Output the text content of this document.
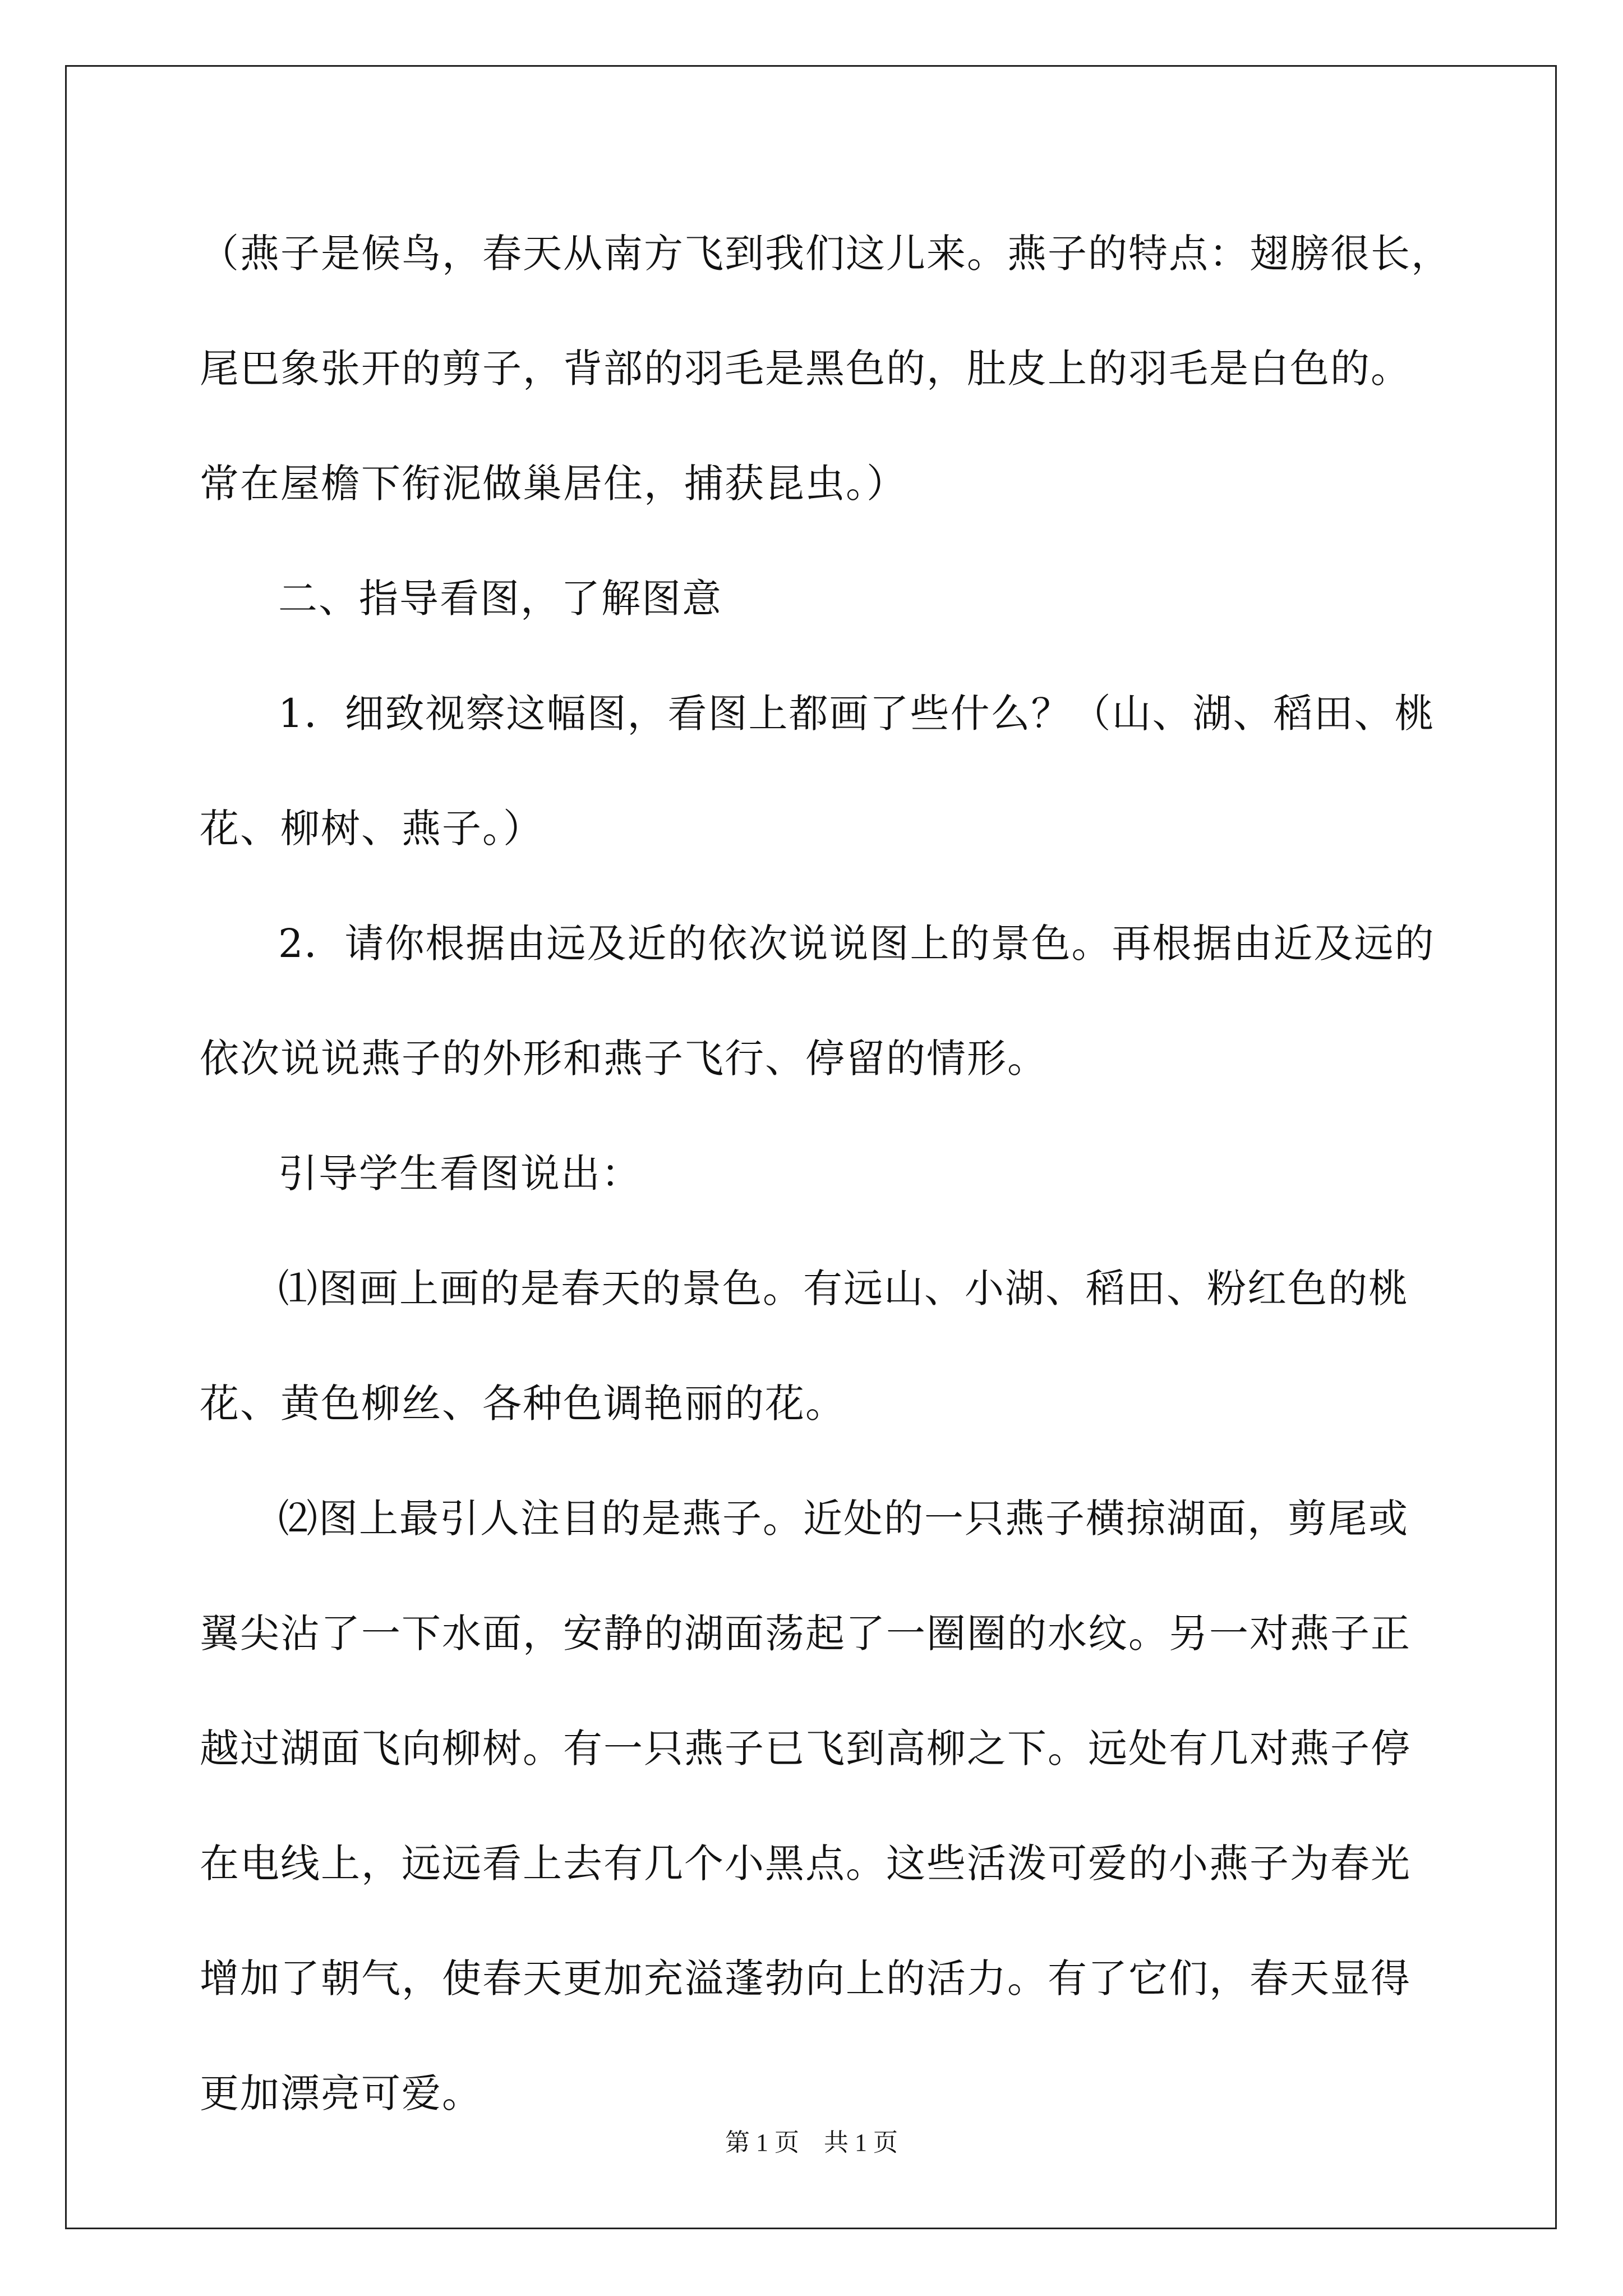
（燕子是候鸟，春天从南方飞到我们这儿来。燕子的特点：翅膀很长，
尾巴象张开的剪子，背部的羽毛是黑色的，肚皮上的羽毛是白色的。
常在屋檐下衔泥做巢居住，捕获昆虫。）
二、指导看图，了解图意
1．细致视察这幅图，看图上都画了些什么？（山、湖、稻田、桃
花、柳树、燕子。）
2．请你根据由远及近的依次说说图上的景色。再根据由近及远的
依次说说燕子的外形和燕子飞行、停留的情形。
引导学生看图说出：
⑴图画上画的是春天的景色。有远山、小湖、稻田、粉红色的桃
花、黄色柳丝、各种色调艳丽的花。
⑵图上最引人注目的是燕子。近处的一只燕子横掠湖面，剪尾或
翼尖沾了一下水面，安静的湖面荡起了一圈圈的水纹。另一对燕子正
越过湖面飞向柳树。有一只燕子已飞到高柳之下。远处有几对燕子停
在电线上，远远看上去有几个小黑点。这些活泼可爱的小燕子为春光
增加了朝气，使春天更加充溢蓬勃向上的活力。有了它们，春天显得
更加漂亮可爱。
第 1 页　共 1 页
